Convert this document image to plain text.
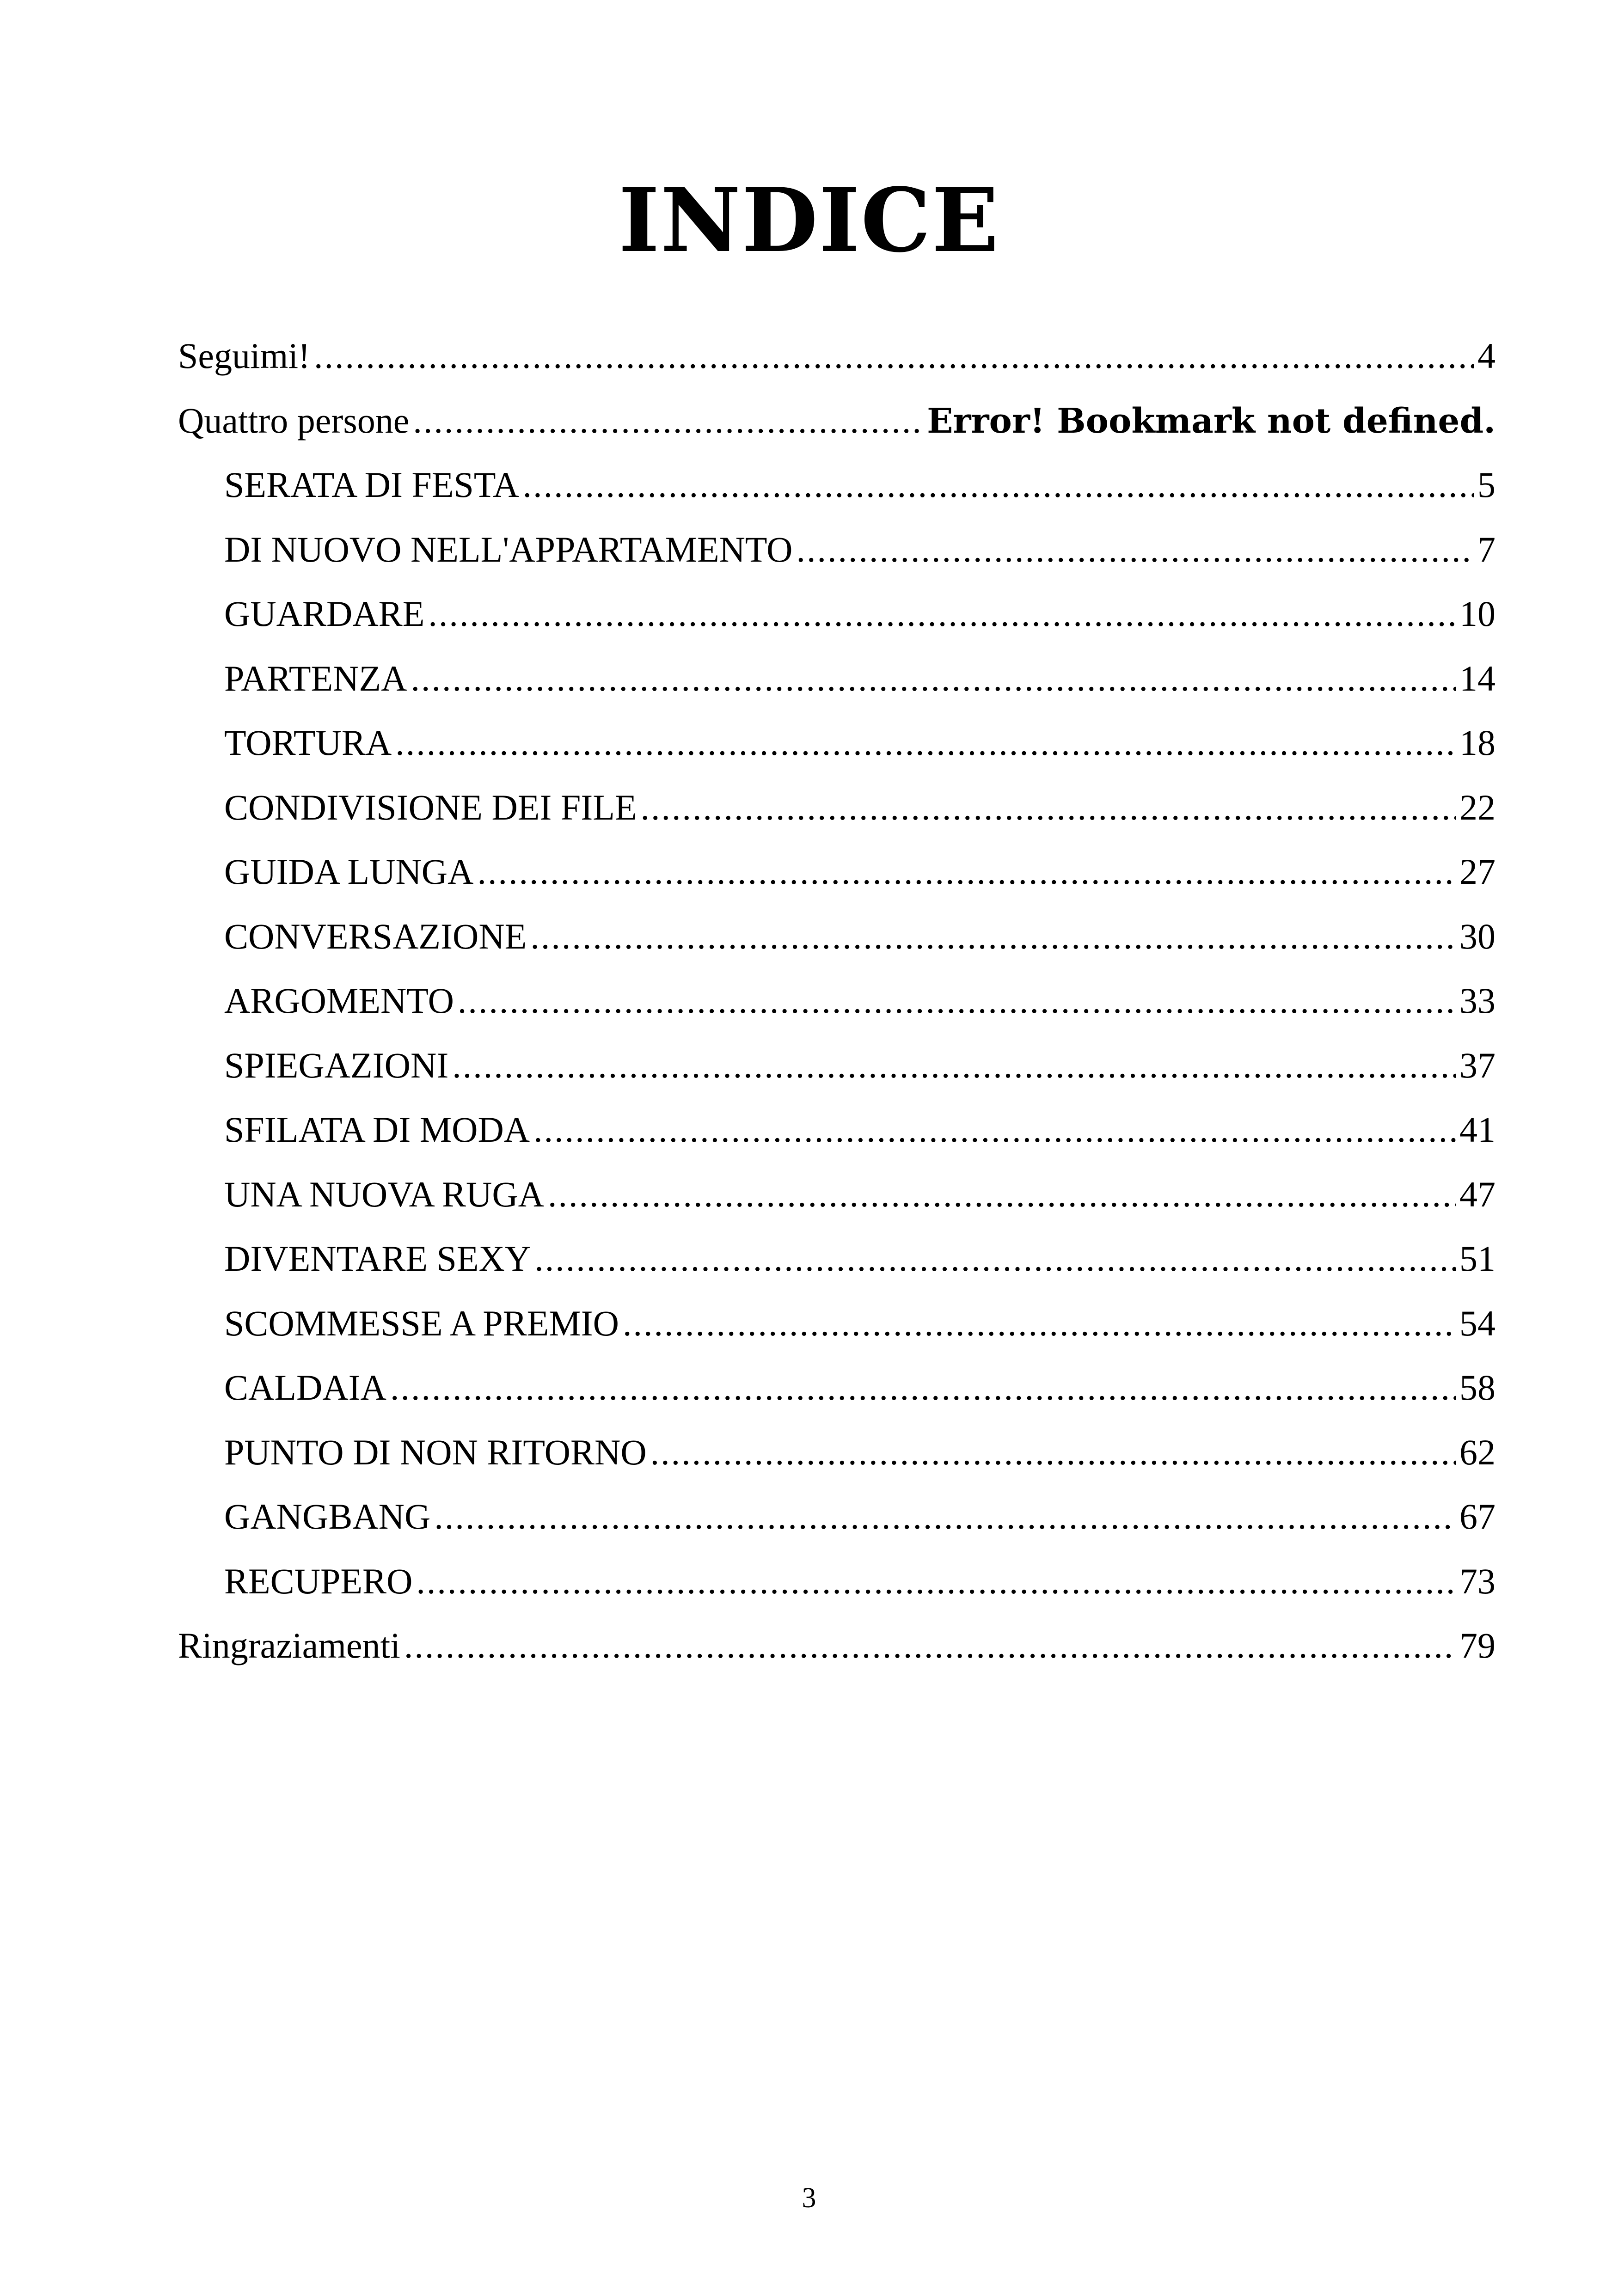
INDICE
Seguimi! .....	4
Quattro persone .....	Error! Bookmark not defined.
SERATA DI FESTA .....	5
DI NUOVO NELL'APPARTAMENTO .....	7
GUARDARE .....	10
PARTENZA .....	14
TORTURA .....	18
CONDIVISIONE DEI FILE .....	22
GUIDA LUNGA .....	27
CONVERSAZIONE .....	30
ARGOMENTO .....	33
SPIEGAZIONI .....	37
SFILATA DI MODA .....	41
UNA NUOVA RUGA .....	47
DIVENTARE SEXY .....	51
SCOMMESSE A PREMIO .....	54
CALDAIA .....	58
PUNTO DI NON RITORNO .....	62
GANGBANG .....	67
RECUPERO .....	73
Ringraziamenti .....	79
3
